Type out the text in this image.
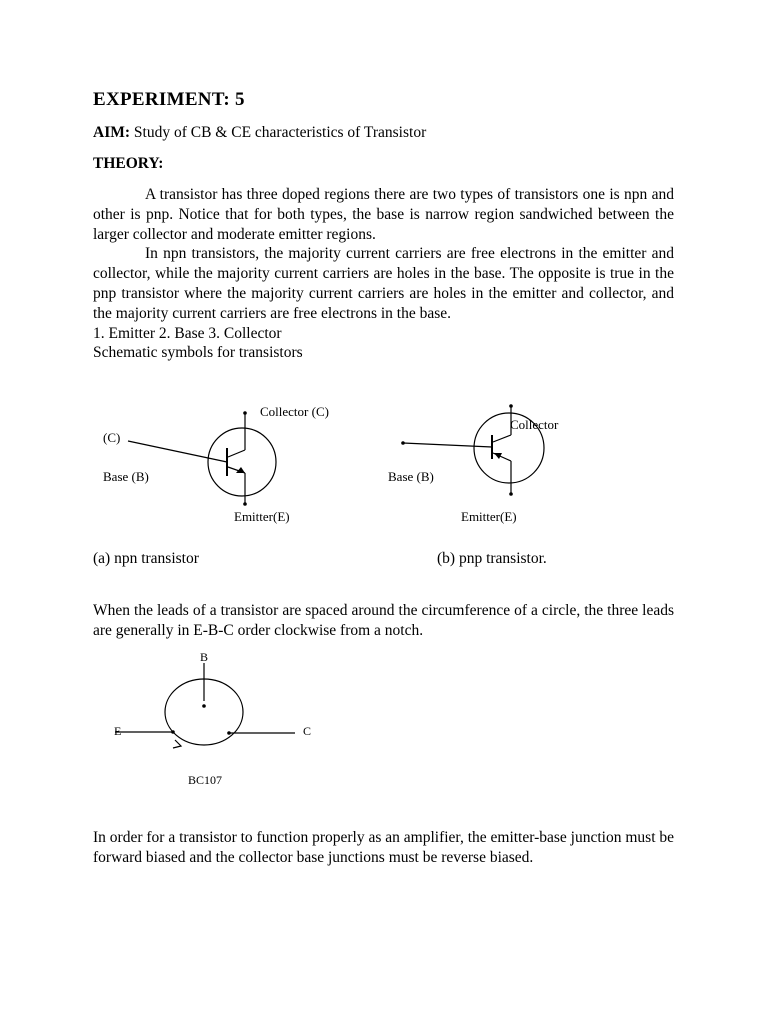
EXPERIMENT: 5
AIM: Study of CB & CE characteristics of Transistor
THEORY:

A transistor has three doped regions there are two types of transistors one is npn and other is pnp. Notice that for both types, the base is narrow region sandwiched between the larger collector and moderate emitter regions.

In npn transistors, the majority current carriers are free electrons in the emitter and collector, while the majority current carriers are holes in the base. The opposite is true in the pnp transistor where the majority current carriers are holes in the emitter and collector, and the majority current carriers are free electrons in the base.

1. Emitter 2. Base 3. Collector

Schematic symbols for transistors

Collector (C)
(C)
Base (B)
Emitter(E)
Collector
Base (B)
Emitter(E)
(a) npn transistor	(b) pnp transistor.

When the leads of a transistor are spaced around the circumference of a circle, the three leads are generally in E-B-C order clockwise from a notch.

B
E	C
BC107

In order for a transistor to function properly as an amplifier, the emitter-base junction must be forward biased and the collector base junctions must be reverse biased.
